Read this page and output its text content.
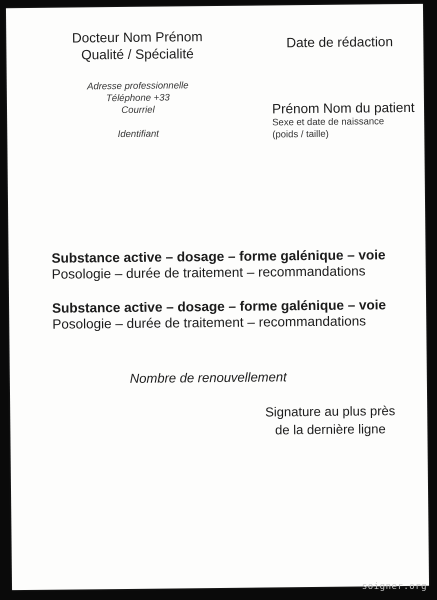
Docteur Nom Prénom
Qualité / Spécialité
Adresse professionnelle
Téléphone +33
Courriel
Identifiant
Date de rédaction
Prénom Nom du patient
Sexe et date de naissance
(poids / taille)
Substance active – dosage – forme galénique – voie
Posologie – durée de traitement – recommandations
Substance active – dosage – forme galénique – voie
Posologie – durée de traitement – recommandations
Nombre de renouvellement
Signature au plus près
de la dernière ligne
soigner.org
